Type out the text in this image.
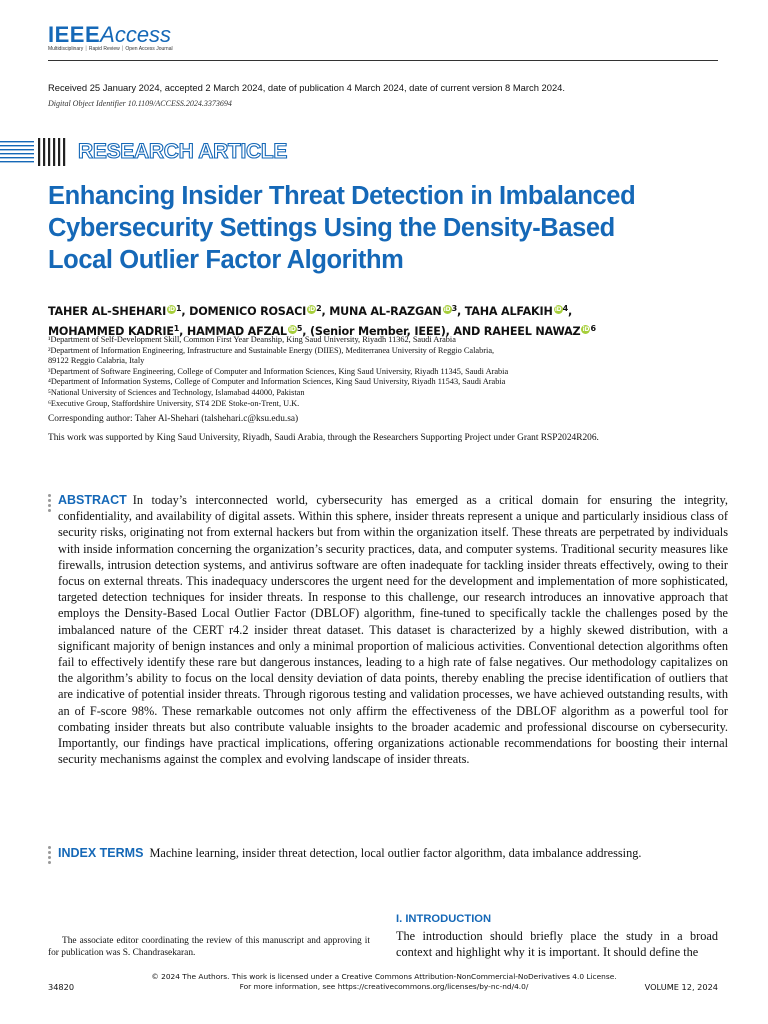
IEEEAccess
Multidisciplinary ⏐ Rapid Review ⏐ Open Access Journal
Received 25 January 2024, accepted 2 March 2024, date of publication 4 March 2024, date of current version 8 March 2024.
Digital Object Identifier 10.1109/ACCESS.2024.3373694
RESEARCH ARTICLE
Enhancing Insider Threat Detection in Imbalanced
Cybersecurity Settings Using the Density-Based
Local Outlier Factor Algorithm
TAHER AL-SHEHARI $iD^1$, DOMENICO ROSACI $iD^2$, MUNA AL-RAZGAN $iD^3$, TAHA ALFAKIH $iD^4$,
MOHAMMED KADRIE$^1$, HAMMAD AFZAL $iD^5$, (Senior Member, IEEE), AND RAHEEL NAWAZ $iD^6$
¹Department of Self-Development Skill, Common First Year Deanship, King Saud University, Riyadh 11362, Saudi Arabia
²Department of Information Engineering, Infrastructure and Sustainable Energy (DIIES), Mediterranea University of Reggio Calabria,
89122 Reggio Calabria, Italy
³Department of Software Engineering, College of Computer and Information Sciences, King Saud University, Riyadh 11345, Saudi Arabia
⁴Department of Information Systems, College of Computer and Information Sciences, King Saud University, Riyadh 11543, Saudi Arabia
⁵National University of Sciences and Technology, Islamabad 44000, Pakistan
⁶Executive Group, Staffordshire University, ST4 2DE Stoke-on-Trent, U.K.
Corresponding author: Taher Al-Shehari (talshehari.c@ksu.edu.sa)
This work was supported by King Saud University, Riyadh, Saudi Arabia, through the Researchers Supporting Project under Grant RSP2024R206.
ABSTRACT In today’s interconnected world, cybersecurity has emerged as a critical domain for ensuring the integrity, confidentiality, and availability of digital assets. Within this sphere, insider threats represent a unique and particularly insidious class of security risks, originating not from external hackers but from within the organization itself. These threats are perpetrated by individuals with inside information concerning the organization’s security practices, data, and computer systems. Traditional security measures like firewalls, intrusion detection systems, and antivirus software are often inadequate for tackling insider threats effectively, owing to their focus on external threats. This inadequacy underscores the urgent need for the development and implementation of more sophisticated, targeted detection techniques for insider threats. In response to this challenge, our research introduces an innovative approach that employs the Density-Based Local Outlier Factor (DBLOF) algorithm, fine-tuned to specifically tackle the challenges posed by the imbalanced nature of the CERT r4.2 insider threat dataset. This dataset is characterized by a highly skewed distribution, with a significant majority of benign instances and only a minimal proportion of malicious activities. Conventional detection algorithms often fail to effectively identify these rare but dangerous instances, leading to a high rate of false negatives. Our methodology capitalizes on the algorithm’s ability to focus on the local density deviation of data points, thereby enabling the precise identification of outliers that are indicative of potential insider threats. Through rigorous testing and validation processes, we have achieved outstanding results, with an of F-score 98%. These remarkable outcomes not only affirm the effectiveness of the DBLOF algorithm as a powerful tool for combating insider threats but also contribute valuable insights to the broader academic and professional discourse on cybersecurity. Importantly, our findings have practical implications, offering organizations actionable recommendations for boosting their internal security mechanisms against the complex and evolving landscape of insider threats.
INDEX TERMS Machine learning, insider threat detection, local outlier factor algorithm, data imbalance addressing.
The associate editor coordinating the review of this manuscript and approving it for publication was S. Chandrasekaran.
I. INTRODUCTION
The introduction should briefly place the study in a broad context and highlight why it is important. It should define the
© 2024 The Authors. This work is licensed under a Creative Commons Attribution-NonCommercial-NoDerivatives 4.0 License.
For more information, see https://creativecommons.org/licenses/by-nc-nd/4.0/
34820	VOLUME 12, 2024
